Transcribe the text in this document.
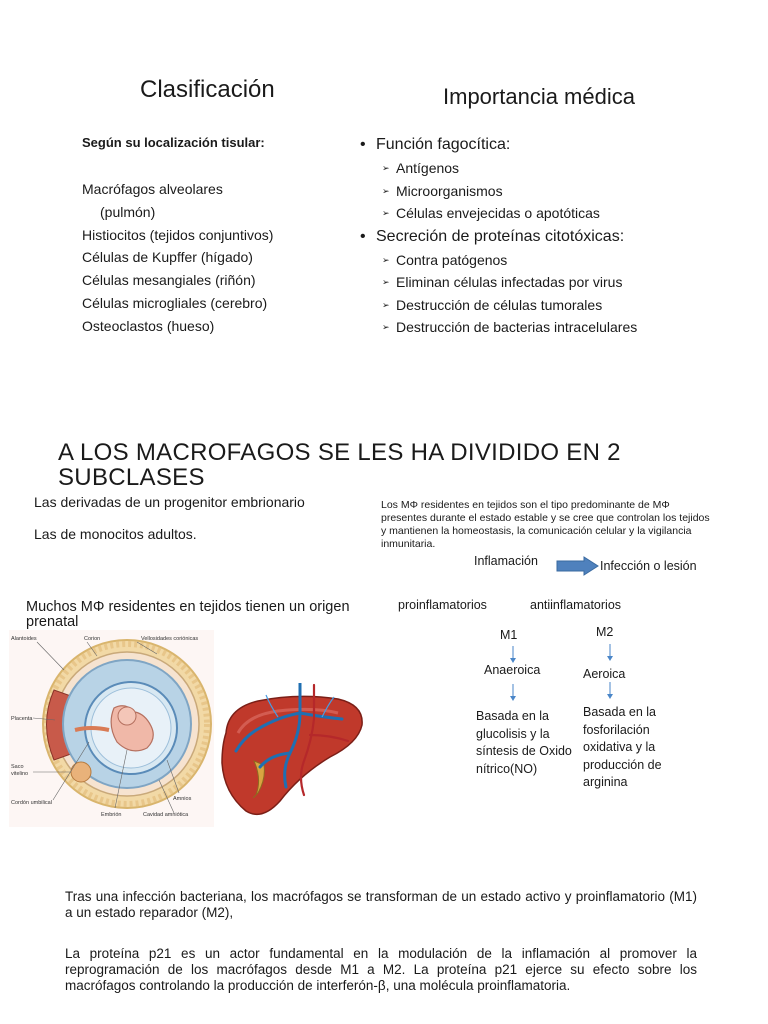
Clasificación
Según su localización tisular:
Macrófagos alveolares
(pulmón)
Histiocitos (tejidos conjuntivos)
Células de Kupffer (hígado)
Células mesangiales (riñón)
Células microgliales (cerebro)
Osteoclastos (hueso)
Importancia médica
• Función fagocítica:
➢ Antígenos
➢ Microorganismos
➢ Células envejecidas o apotóticas
• Secreción de proteínas citotóxicas:
➢ Contra patógenos
➢ Eliminan células infectadas por virus
➢ Destrucción de células tumorales
➢ Destrucción de bacterias intracelulares
A LOS MACROFAGOS SE LES HA DIVIDIDO EN 2 SUBCLASES
Las derivadas de un progenitor embrionario
Las de monocitos adultos.
Los MΦ residentes en tejidos son el tipo predominante de MΦ presentes durante el estado estable y se cree que controlan los tejidos y mantienen la homeostasis, la comunicación celular y la vigilancia inmunitaria.
Inflamación	Infección o lesión
proinflamatorios	antiinflamatorios
M1	M2
Anaeroica	Aeroica
Basada en la glucolisis y la síntesis de Oxido nítrico(NO)
Basada en la fosforilación oxidativa y la producción de arginina
Muchos MΦ residentes en tejidos tienen un origen prenatal
Alantoides	Corion	Vellosidades coriónicas
Placenta
Saco
vitelino
Cordón umbilical
Embrión
Amnios
Cavidad amniótica
Tras una infección bacteriana, los macrófagos se transforman de un estado activo y proinflamatorio (M1) a un estado reparador (M2),
La proteína p21 es un actor fundamental en la modulación de la inflamación al promover la reprogramación de los macrófagos desde M1 a M2. La proteína p21 ejerce su efecto sobre los macrófagos controlando la producción de interferón-β, una molécula proinflamatoria.
